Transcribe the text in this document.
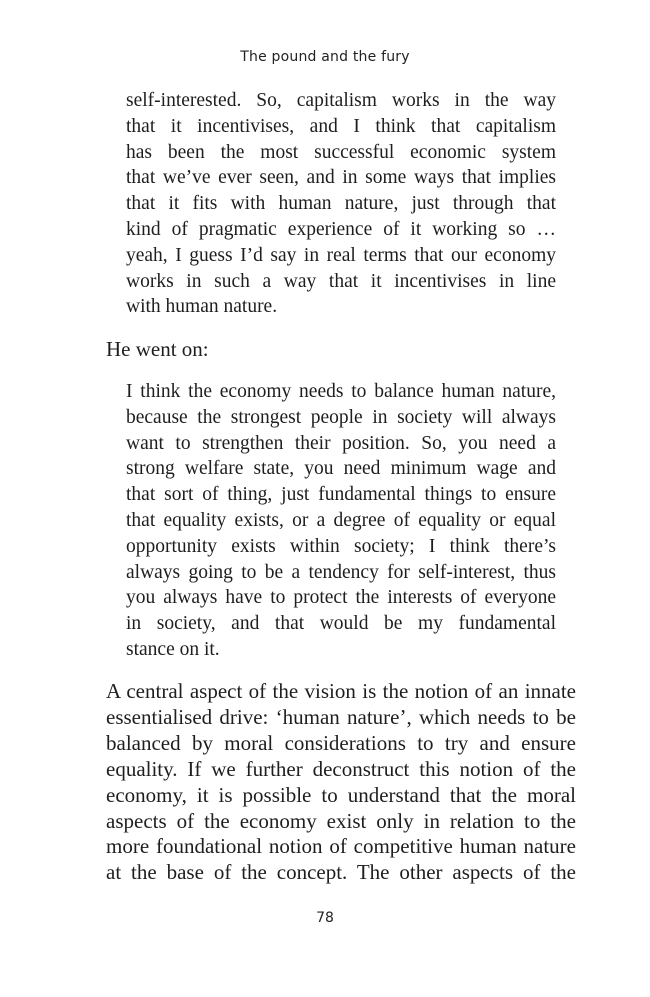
The pound and the fury
self-interested. So, capitalism works in the way
that it incentivises, and I think that capitalism
has been the most successful economic system
that we’ve ever seen, and in some ways that implies
that it fits with human nature, just through that
kind of pragmatic experience of it working so …
yeah, I guess I’d say in real terms that our economy
works in such a way that it incentivises in line
with human nature.
He went on:
I think the economy needs to balance human nature,
because the strongest people in society will always
want to strengthen their position. So, you need a
strong welfare state, you need minimum wage and
that sort of thing, just fundamental things to ensure
that equality exists, or a degree of equality or equal
opportunity exists within society; I think there’s
always going to be a tendency for self-interest, thus
you always have to protect the interests of everyone
in society, and that would be my fundamental
stance on it.
A central aspect of the vision is the notion of an innate
essentialised drive: ‘human nature’, which needs to be
balanced by moral considerations to try and ensure
equality. If we further deconstruct this notion of the
economy, it is possible to understand that the moral
aspects of the economy exist only in relation to the
more foundational notion of competitive human nature
at the base of the concept. The other aspects of the
78
